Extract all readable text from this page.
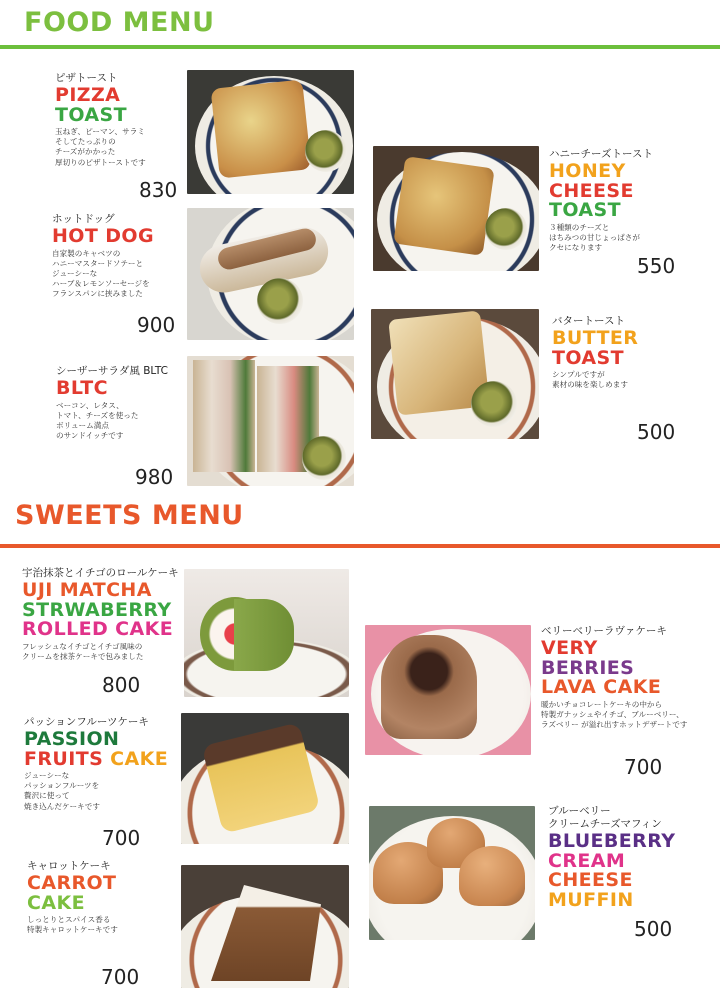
FOOD MENU
ピザトースト
PIZZA
TOAST
玉ねぎ、ピーマン、サラミ
そしてたっぷりの
チーズがかかった
厚切りのピザトーストです
830
ホットドッグ
HOT DOG
自家製のキャベツの
ハニーマスタードソテーと
ジューシーな
ハーブ＆レモンソーセージを
フランスパンに挟みました
900
シーザーサラダ風 BLTC
BLTC
ベーコン、レタス、
トマト、チーズを使った
ボリューム満点
のサンドイッチです
980
ハニーチーズトースト
HONEY
CHEESE
TOAST
３種類のチーズと
はちみつの甘じょっぱさが
クセになります
550
バタートースト
BUTTER
TOAST
シンプルですが
素材の味を楽しめます
500
SWEETS MENU
宇治抹茶とイチゴのロールケーキ
UJI MATCHA
STRWABERRY
ROLLED CAKE
フレッシュなイチゴとイチゴ風味の
クリームを抹茶ケーキで包みました
800
パッションフルーツケーキ
PASSION
FRUITS CAKE
ジューシーな
パッションフルーツを
贅沢に使って
焼き込んだケーキです
700
キャロットケーキ
CARROT
CAKE
しっとりとスパイス香る
特製キャロットケーキです
700
ベリーベリーラヴァケーキ
VERY
BERRIES
LAVA CAKE
暖かいチョコレートケーキの中から
特製ガナッシュやイチゴ、ブルーベリー、
ラズベリー が溢れ出すホットデザートです
700
ブルーベリー
クリームチーズマフィン
BLUEBERRY
CREAM
CHEESE
MUFFIN
500
